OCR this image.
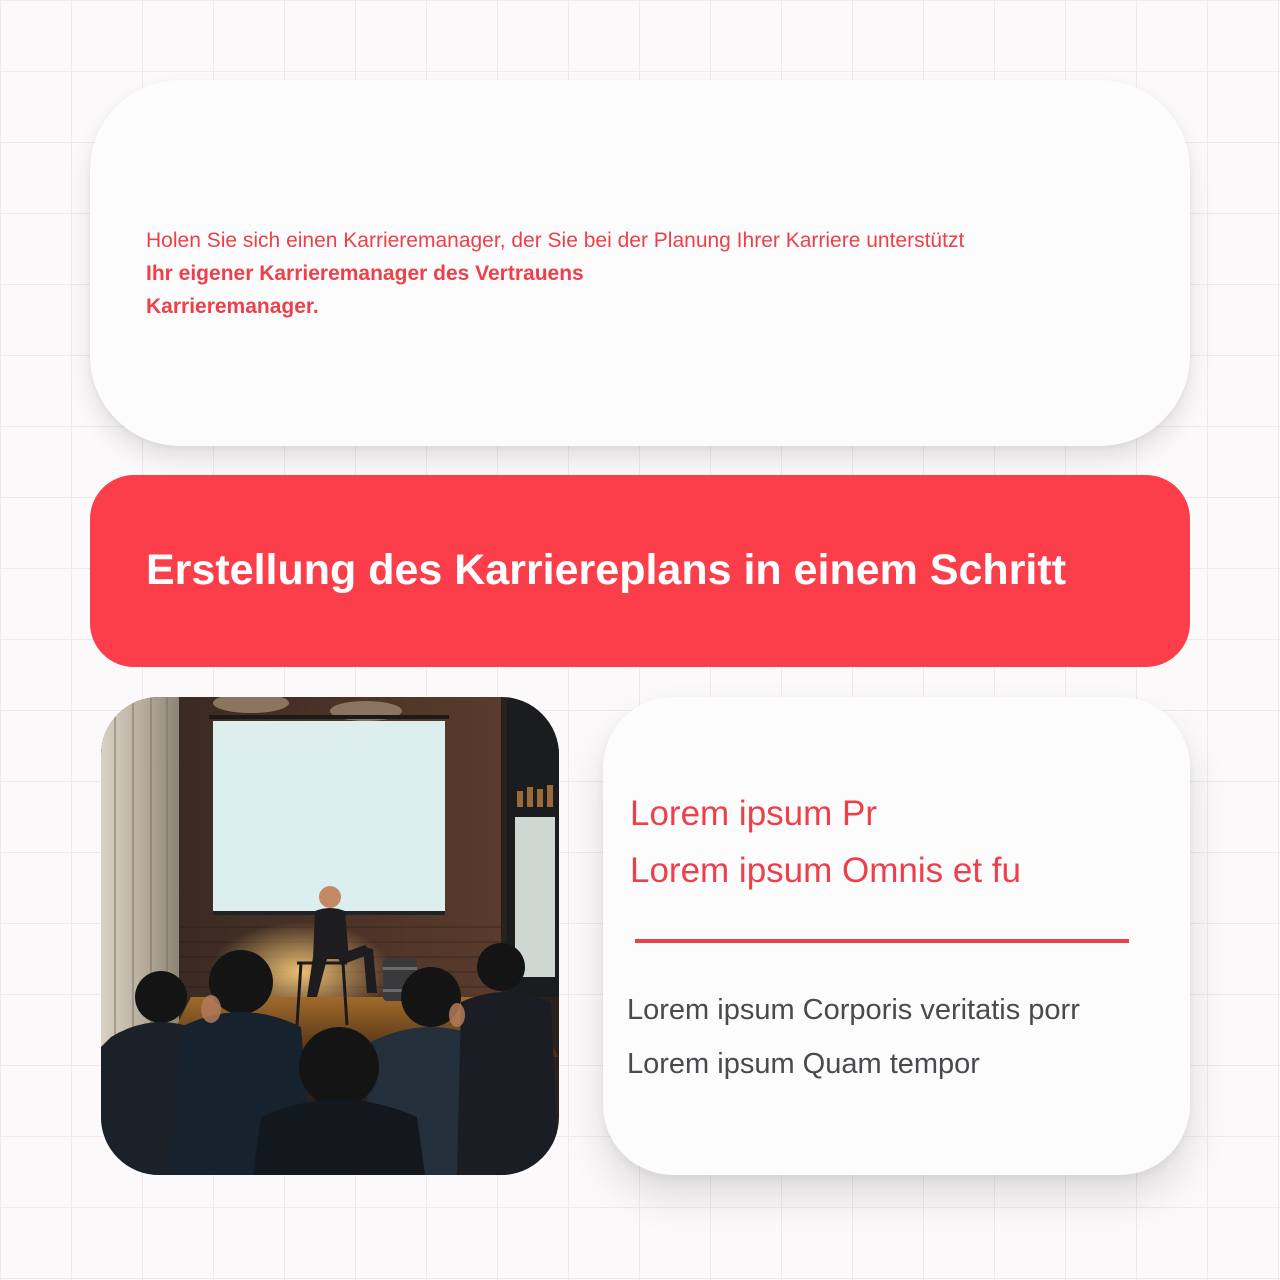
Holen Sie sich einen Karrieremanager, der Sie bei der Planung Ihrer Karriere unterstützt
Ihr eigener Karrieremanager des Vertrauens
Karrieremanager.
Erstellung des Karriereplans in einem Schritt
Lorem ipsum Pr
Lorem ipsum Omnis et fu
Lorem ipsum Corporis veritatis porr
Lorem ipsum Quam tempor
